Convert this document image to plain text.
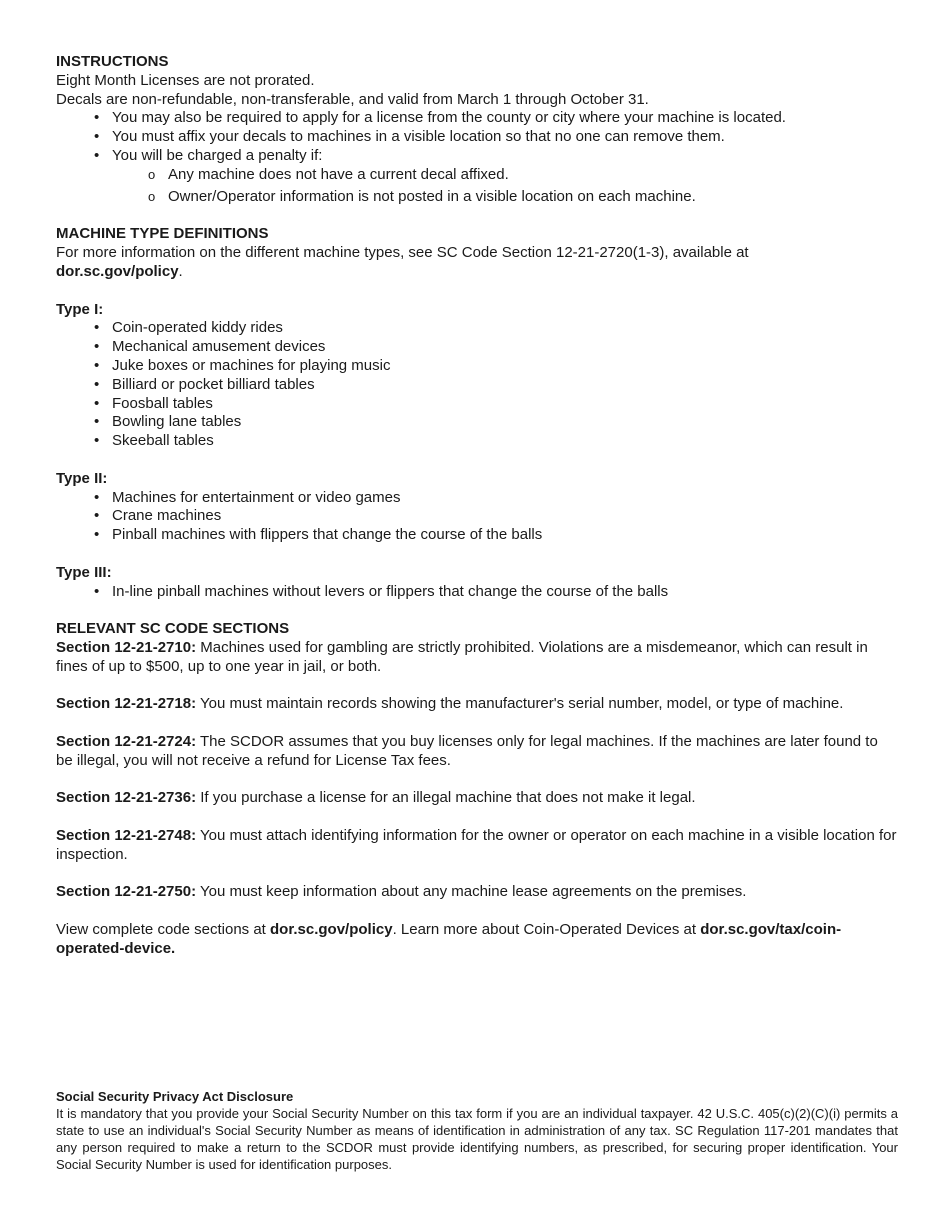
INSTRUCTIONS

Eight Month Licenses are not prorated.

Decals are non-refundable, non-transferable, and valid from March 1 through October 31.

• You may also be required to apply for a license from the county or city where your machine is located.
• You must affix your decals to machines in a visible location so that no one can remove them.
• You will be charged a penalty if:
o Any machine does not have a current decal affixed.
o Owner/Operator information is not posted in a visible location on each machine.

MACHINE TYPE DEFINITIONS

For more information on the different machine types, see SC Code Section 12-21-2720(1-3), available at
dor.sc.gov/policy.

Type I:

• Coin-operated kiddy rides
• Mechanical amusement devices
• Juke boxes or machines for playing music
• Billiard or pocket billiard tables
• Foosball tables
• Bowling lane tables
• Skeeball tables

Type II:

• Machines for entertainment or video games
• Crane machines
• Pinball machines with flippers that change the course of the balls

Type III:

• In-line pinball machines without levers or flippers that change the course of the balls

RELEVANT SC CODE SECTIONS

Section 12-21-2710: Machines used for gambling are strictly prohibited. Violations are a misdemeanor, which can result in fines of up to $500, up to one year in jail, or both.

Section 12-21-2718: You must maintain records showing the manufacturer's serial number, model, or type of machine.

Section 12-21-2724: The SCDOR assumes that you buy licenses only for legal machines. If the machines are later found to be illegal, you will not receive a refund for License Tax fees.

Section 12-21-2736: If you purchase a license for an illegal machine that does not make it legal.

Section 12-21-2748: You must attach identifying information for the owner or operator on each machine in a visible location for inspection.

Section 12-21-2750: You must keep information about any machine lease agreements on the premises.

View complete code sections at dor.sc.gov/policy. Learn more about Coin-Operated Devices at dor.sc.gov/tax/coin-operated-device.

Social Security Privacy Act Disclosure

It is mandatory that you provide your Social Security Number on this tax form if you are an individual taxpayer. 42 U.S.C. 405(c)(2)(C)(i) permits a state to use an individual's Social Security Number as means of identification in administration of any tax. SC Regulation 117-201 mandates that any person required to make a return to the SCDOR must provide identifying numbers, as prescribed, for securing proper identification. Your Social Security Number is used for identification purposes.
